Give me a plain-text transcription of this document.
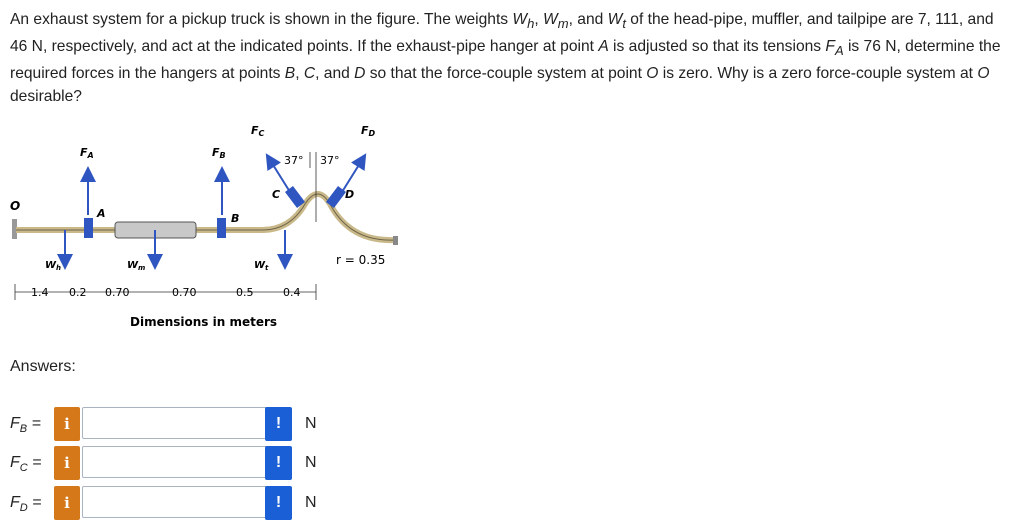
An exhaust system for a pickup truck is shown in the figure. The weights $W_h$, $W_m$, and $W_t$ of the head-pipe, muffler, and tailpipe are 7, 111, and 46 N, respectively, and act at the indicated points. If the exhaust-pipe hanger at point A is adjusted so that its tensions $F_A$ is 76 N, determine the required forces in the hangers at points B, C, and D so that the force-couple system at point O is zero. Why is a zero force-couple system at O desirable?

O
A	B
C	D
FA	FB
FC	FD
37° 37°
$W_h$	$W_m$	$W_t$
r = 0.35
1.4 0.2 0.70	0.70	0.5	0.4
Dimensions in meters
Answers:
$F_B$ =	i	!	N
$F_C$ =	i	!	N
$F_D$ =	i	!	N
